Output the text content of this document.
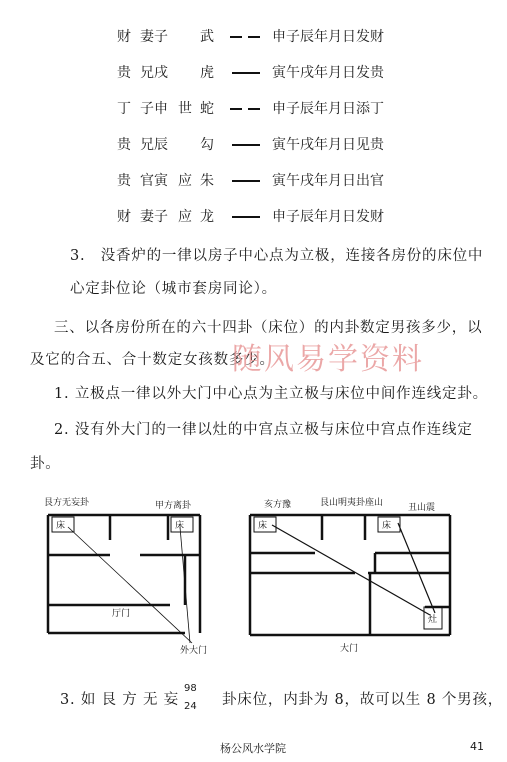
财 妻子 武	申子辰年月日发财
贵 兄戌 虎	寅午戌年月日发贵
丁 子申 世 蛇	申子辰年月日添丁
贵 兄辰 勾	寅午戌年月日见贵
贵 官寅 应 朱	寅午戌年月日出官
财 妻子 应 龙	申子辰年月日发财
3.　没香炉的一律以房子中心点为立极，连接各房份的床位中
心定卦位论（城市套房同论）。
三、以各房份所在的六十四卦（床位）的内卦数定男孩多少，以
及它的合五、合十数定女孩数多少。
随风易学资料
1. 立极点一律以外大门中心点为主立极与床位中间作连线定卦。
2. 没有外大门的一律以灶的中宫点立极与床位中宫点作连线定
卦。
艮方无妄卦	甲方离卦
床	床
厅门
外大门
亥方豫	艮山明夷卦座山	丑山震
床	床
灶
大门
3. 如 艮 方 无 妄
98
24 卦床位，内卦为 8，故可以生 8 个男孩，
杨公风水学院	41
